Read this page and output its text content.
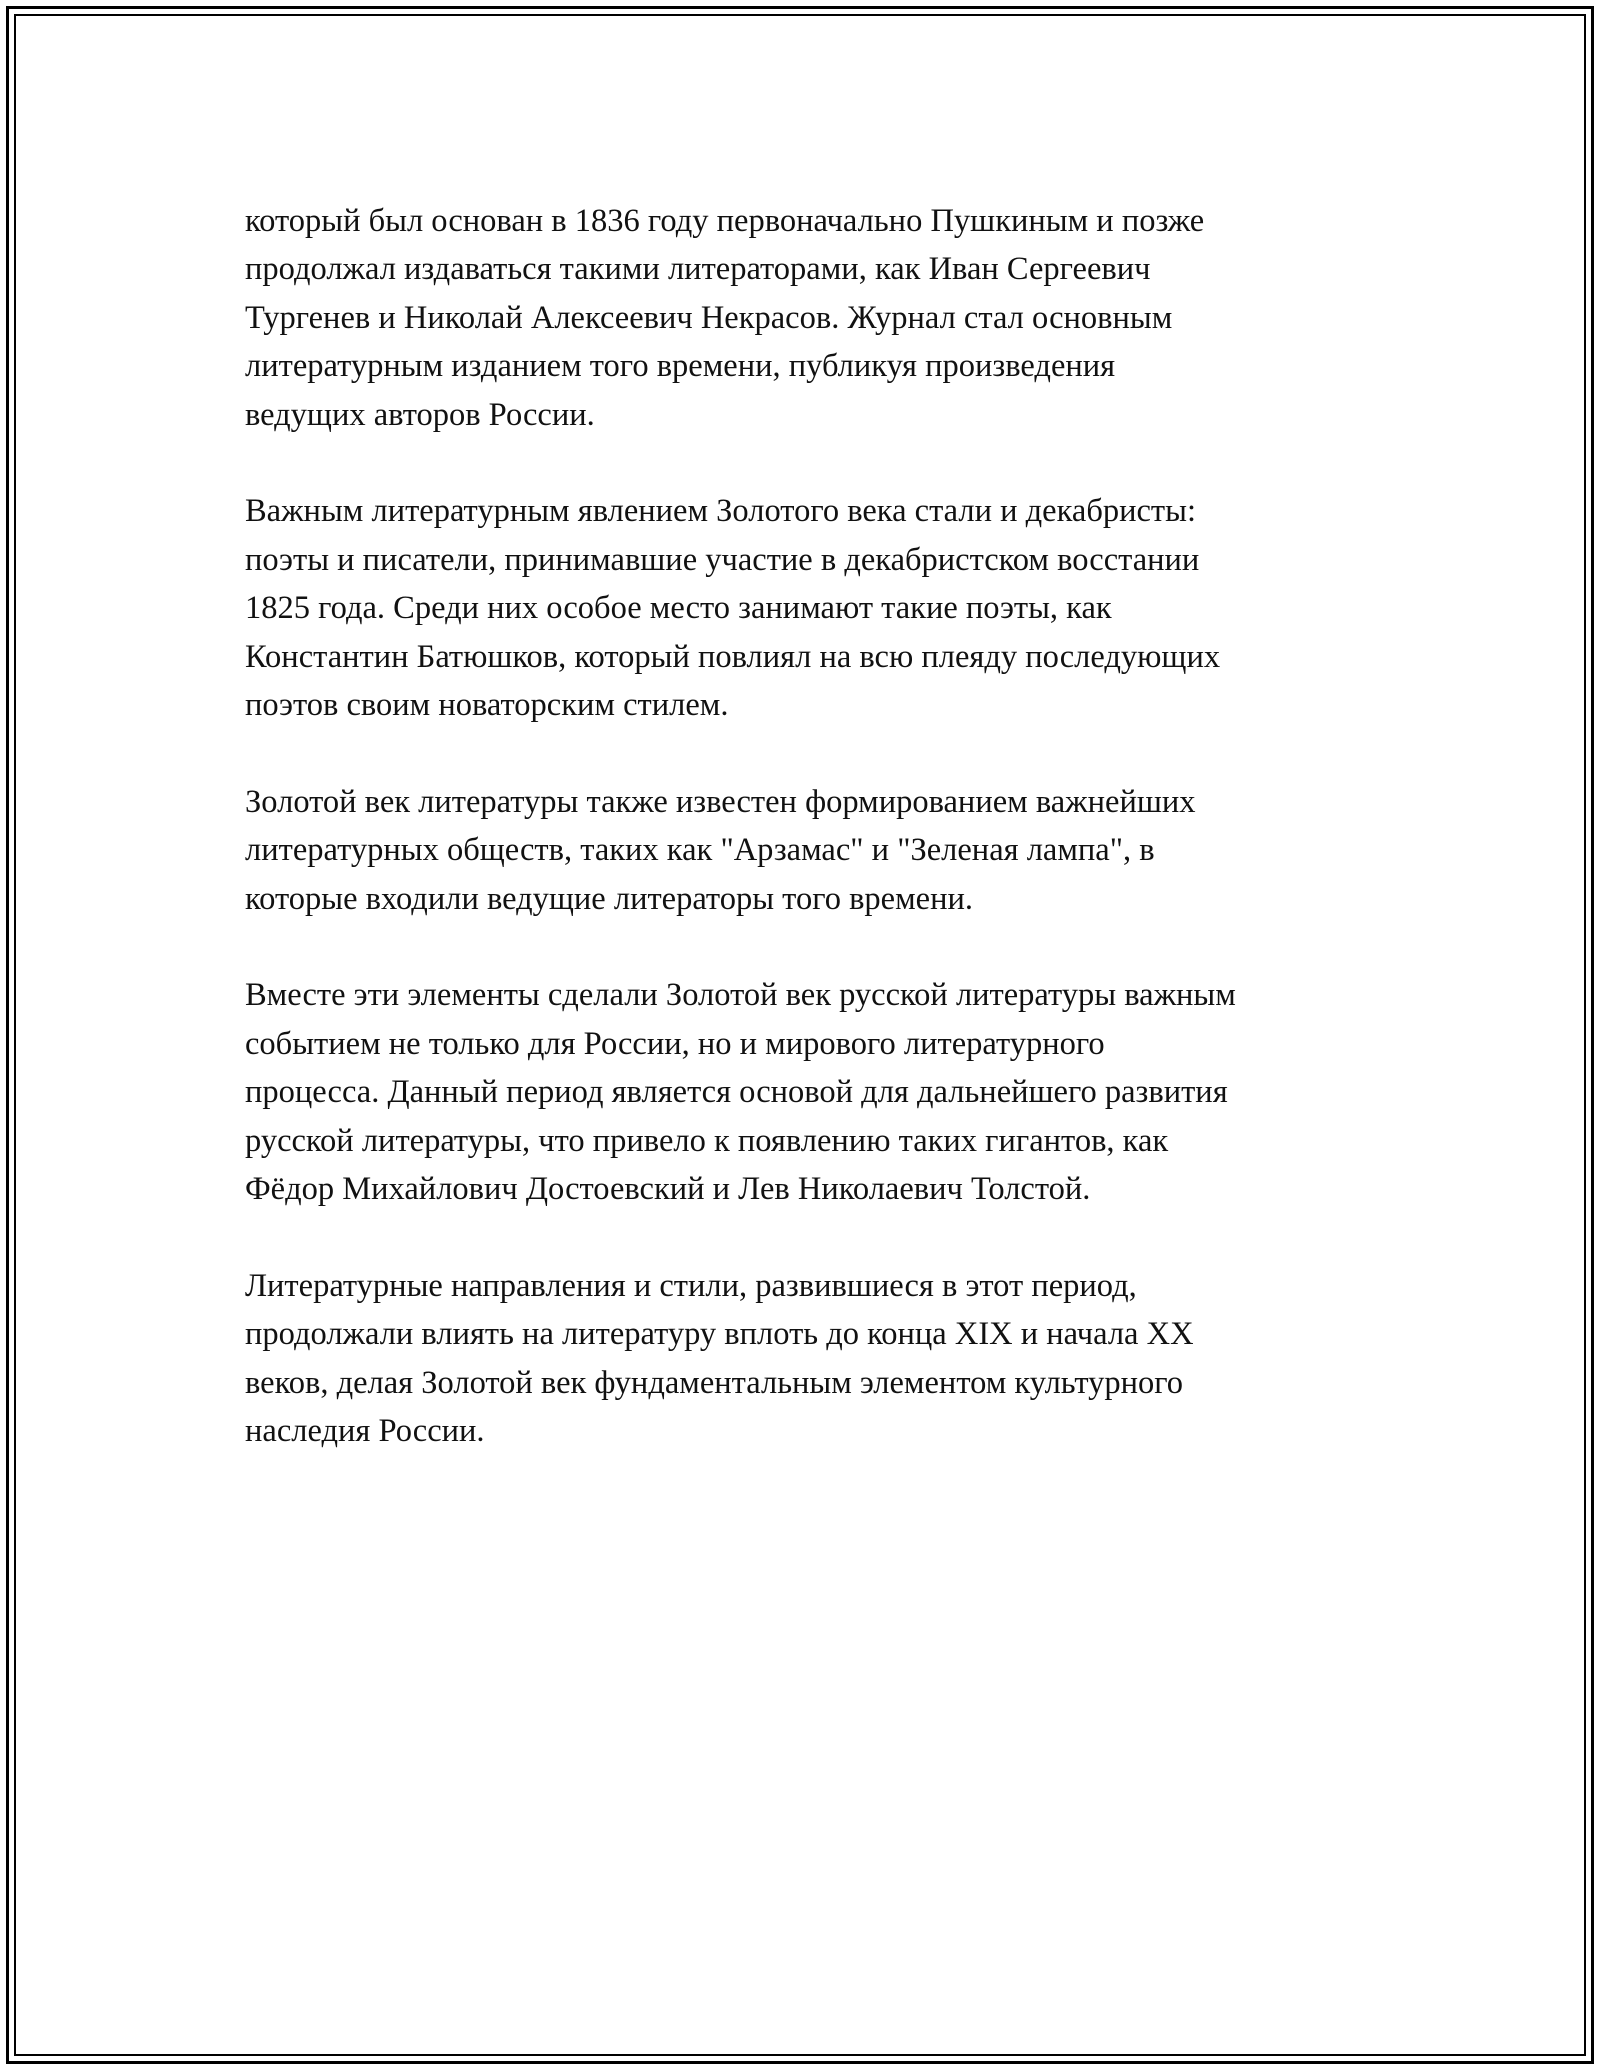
который был основан в 1836 году первоначально Пушкиным и позже
продолжал издаваться такими литераторами, как Иван Сергеевич
Тургенев и Николай Алексеевич Некрасов. Журнал стал основным
литературным изданием того времени, публикуя произведения
ведущих авторов России.

Важным литературным явлением Золотого века стали и декабристы:
поэты и писатели, принимавшие участие в декабристском восстании
1825 года. Среди них особое место занимают такие поэты, как
Константин Батюшков, который повлиял на всю плеяду последующих
поэтов своим новаторским стилем.

Золотой век литературы также известен формированием важнейших
литературных обществ, таких как "Арзамас" и "Зеленая лампа", в
которые входили ведущие литераторы того времени.

Вместе эти элементы сделали Золотой век русской литературы важным
событием не только для России, но и мирового литературного
процесса. Данный период является основой для дальнейшего развития
русской литературы, что привело к появлению таких гигантов, как
Фёдор Михайлович Достоевский и Лев Николаевич Толстой.

Литературные направления и стили, развившиеся в этот период,
продолжали влиять на литературу вплоть до конца XIX и начала XX
веков, делая Золотой век фундаментальным элементом культурного
наследия России.
